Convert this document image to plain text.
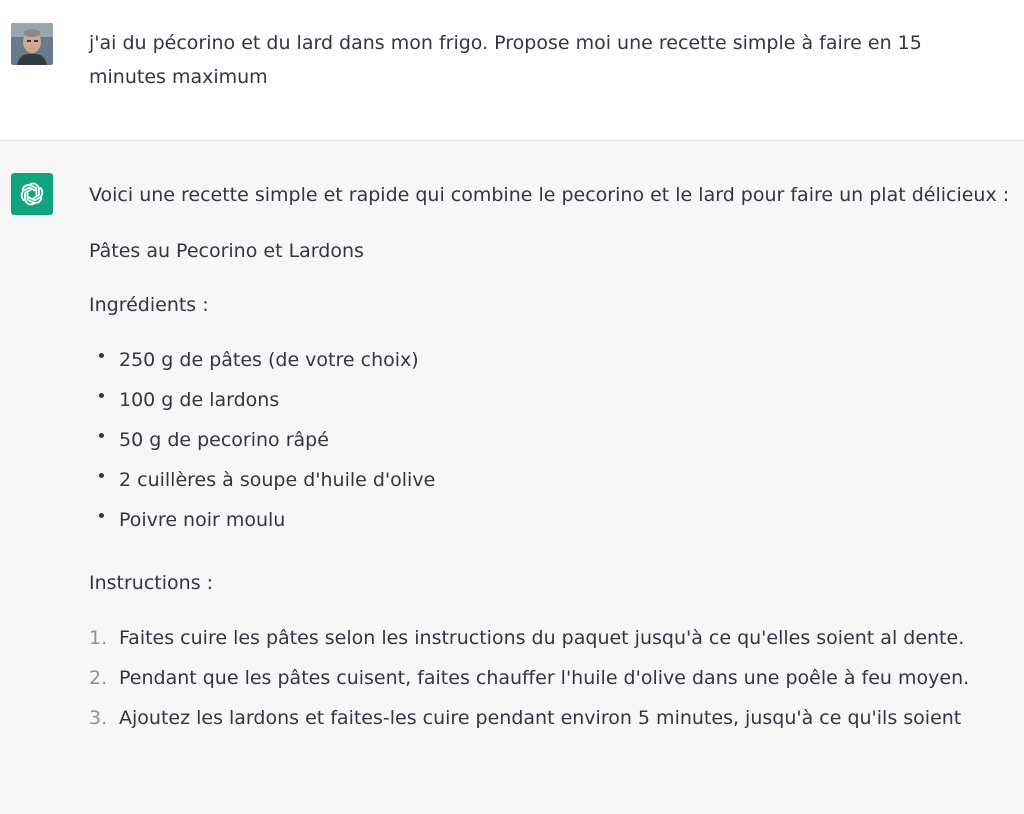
j'ai du pécorino et du lard dans mon frigo. Propose moi une recette simple à faire en 15 minutes maximum

Voici une recette simple et rapide qui combine le pecorino et le lard pour faire un plat délicieux :

Pâtes au Pecorino et Lardons

Ingrédients :

250 g de pâtes (de votre choix)
100 g de lardons
50 g de pecorino râpé
2 cuillères à soupe d'huile d'olive
Poivre noir moulu

Instructions :

1. Faites cuire les pâtes selon les instructions du paquet jusqu'à ce qu'elles soient al dente.
2. Pendant que les pâtes cuisent, faites chauffer l'huile d'olive dans une poêle à feu moyen.
3. Ajoutez les lardons et faites-les cuire pendant environ 5 minutes, jusqu'à ce qu'ils soient
